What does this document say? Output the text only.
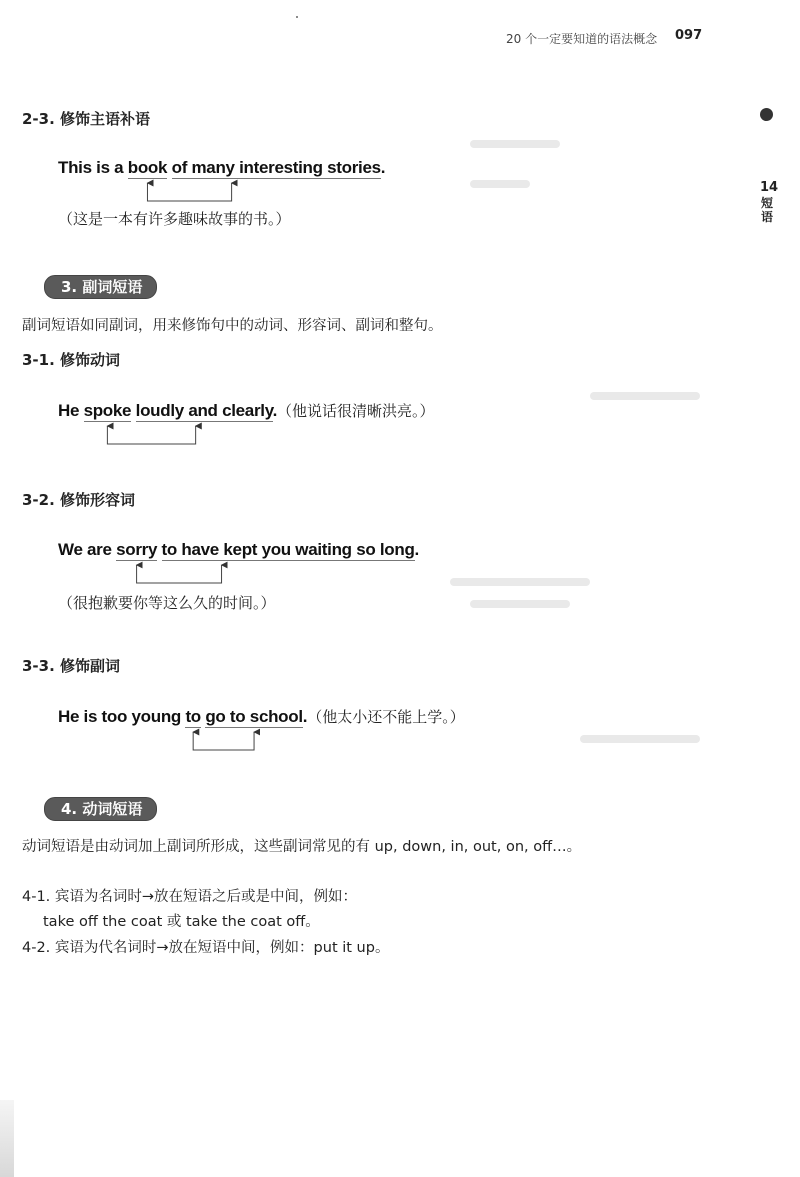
20 个一定要知道的语法概念 097
14
短语
2-3. 修饰主语补语
This is a book of many interesting stories.
（这是一本有许多趣味故事的书。）
3. 副词短语
副词短语如同副词，用来修饰句中的动词、形容词、副词和整句。
3-1. 修饰动词
He spoke loudly and clearly.（他说话很清晰洪亮。）
3-2. 修饰形容词
We are sorry to have kept you waiting so long.
（很抱歉要你等这么久的时间。）
3-3. 修饰副词
He is too young to go to school.（他太小还不能上学。）
4. 动词短语
动词短语是由动词加上副词所形成，这些副词常见的有 up, down, in, out, on, off…。
4-1. 宾语为名词时→放在短语之后或是中间，例如：
take off the coat 或 take the coat off。
4-2. 宾语为代名词时→放在短语中间，例如：put it up。
